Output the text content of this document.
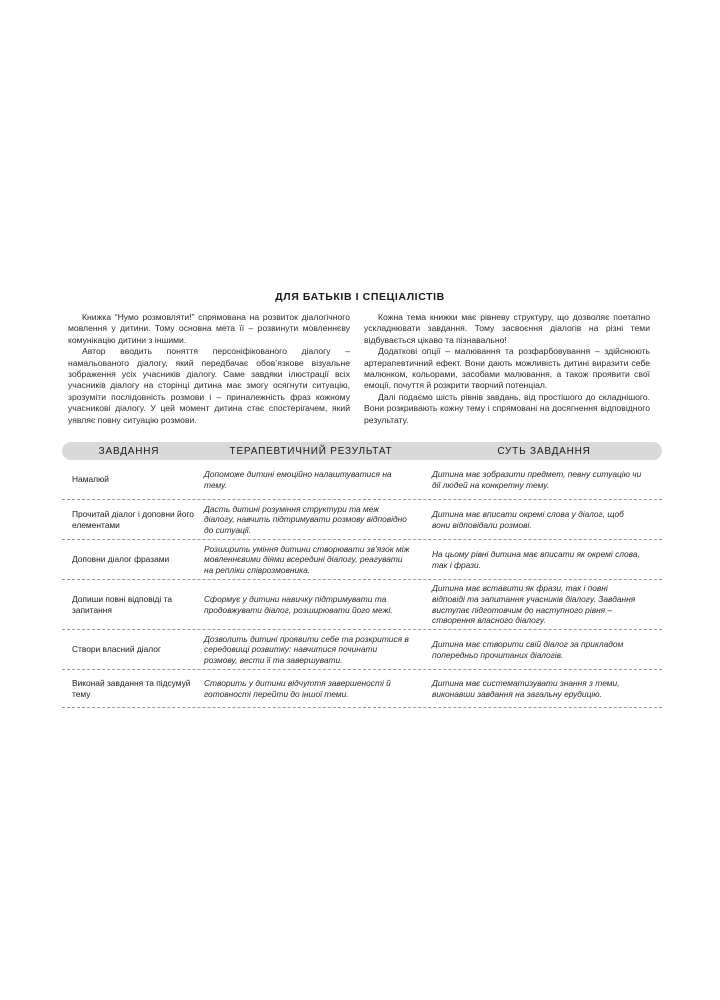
ДЛЯ БАТЬКІВ І СПЕЦІАЛІСТІВ

Книжка “Нумо розмовляти!” спрямована на розвиток діалогічного мовлення у дитини. Тому основна мета її – розвинути мовленнєву комунікацію дитини з іншими.

Автор вводить поняття персоніфікованого діалогу – намальованого діалогу, який передбачає обов’язкове візуальне зображення усіх учасників діалогу. Саме завдяки ілюстрації всіх учасників діалогу на сторінці дитина має змогу осягнути ситуацію, зрозуміти послідовність розмови і – приналежність фраз кожному учасникові діалогу. У цей момент дитина стає спостерігачем, який уявляє повну ситуацію розмови.

Кожна тема книжки має рівневу структуру, що дозволяє поетапно ускладнювати завдання. Тому засвоєння діалогів на різні теми відбувається цікаво та пізнавально!

Додаткові опції – малювання та розфарбовування – здійснюють артерапевтичний ефект. Вони дають можливість дитині виразити себе малюнком, кольорами, засобами малювання, а також проявити свої емоції, почуття й розкрити творчий потенціал.

Далі подаємо шість рівнів завдань, від простішого до складнішого. Вони розкривають кожну тему і спрямовані на досягнення відповідного результату.

ЗАВДАННЯ	ТЕРАПЕВТИЧНИЙ РЕЗУЛЬТАТ	СУТЬ ЗАВДАННЯ
Намалюй
Допоможе дитині емоційно налаштуватися на тему.
Дитина має зобразити предмет, певну ситуацію чи дії людей на конкретну тему.
Прочитай діалог і доповни його елементами
Дасть дитині розуміння структури та меж діалогу, навчить підтримувати розмову відповідно до ситуації.
Дитина має вписати окремі слова у діалог, щоб вони відповідали розмові.
Доповни діалог фразами
Розширить уміння дитини створювати зв’язок між мовленнєвими діями всередині діалогу, реагувати на репліки співрозмовника.
На цьому рівні дитина має вписати як окремі слова, так і фрази.
Допиши повні відповіді та запитання
Сформує у дитини навичку підтримувати та продовжувати діалог, розширювати його межі.
Дитина має вставити як фрази, так і повні відповіді та запитання учасників діалогу. Завдання виступає підготовчим до наступного рівня – створення власного діалогу.
Створи власний діалог
Дозволить дитині проявити себе та розкритися в середовищі розвитку: навчитися починати розмову, вести її та завершувати.
Дитина має створити свій діалог за прикладом попередньо прочитаних діалогів.
Виконай завдання та підсумуй тему
Створить у дитини відчуття завершеності й готовності перейти до іншої теми.
Дитина має систематизувати знання з теми, виконавши завдання на загальну ерудицію.
